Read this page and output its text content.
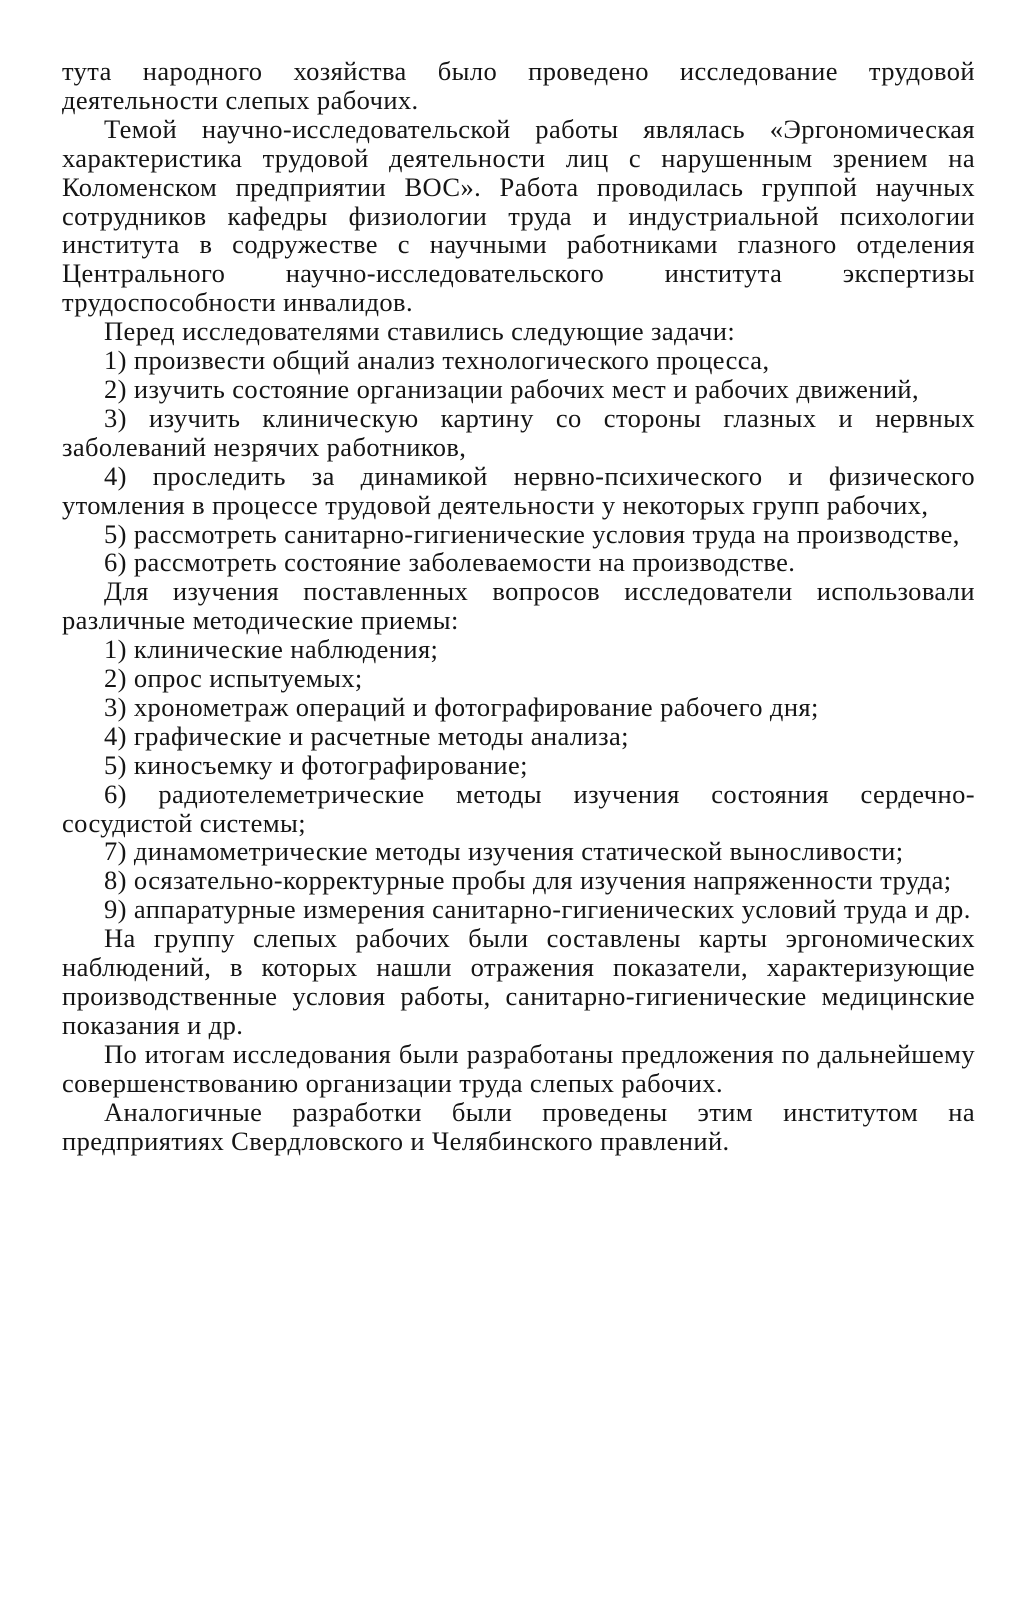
тута народного хозяйства было проведено исследование трудовой деятельности слепых рабочих.

Темой научно-исследовательской работы являлась «Эргономическая характеристика трудовой деятельности лиц с нарушенным зрением на Коломенском предприятии ВОС». Работа проводилась группой научных сотрудников кафедры физиологии труда и индустриальной психологии института в содружестве с научными работниками глазного отделения Центрального научно-исследовательского института экспертизы трудоспособности инвалидов.

Перед исследователями ставились следующие задачи:

1) произвести общий анализ технологического процесса,

2) изучить состояние организации рабочих мест и рабочих движений,

3) изучить клиническую картину со стороны глазных и нервных заболеваний незрячих работников,

4) проследить за динамикой нервно-психического и физического утомления в процессе трудовой деятельности у некоторых групп рабочих,

5) рассмотреть санитарно-гигиенические условия труда на производстве,

6) рассмотреть состояние заболеваемости на производстве.

Для изучения поставленных вопросов исследователи использовали различные методические приемы:

1) клинические наблюдения;

2) опрос испытуемых;

3) хронометраж операций и фотографирование рабочего дня;

4) графические и расчетные методы анализа;

5) киносъемку и фотографирование;

6) радиотелеметрические методы изучения состояния сердечно-сосудистой системы;

7) динамометрические методы изучения статической выносливости;

8) осязательно-корректурные пробы для изучения напряженности труда;

9) аппаратурные измерения санитарно-гигиенических условий труда и др.

На группу слепых рабочих были составлены карты эргономических наблюдений, в которых нашли отражения показатели, характеризующие производственные условия работы, санитарно-гигиенические медицинские показания и др.

По итогам исследования были разработаны предложения по дальнейшему совершенствованию организации труда слепых рабочих.

Аналогичные разработки были проведены этим институтом на предприятиях Свердловского и Челябинского правлений.
